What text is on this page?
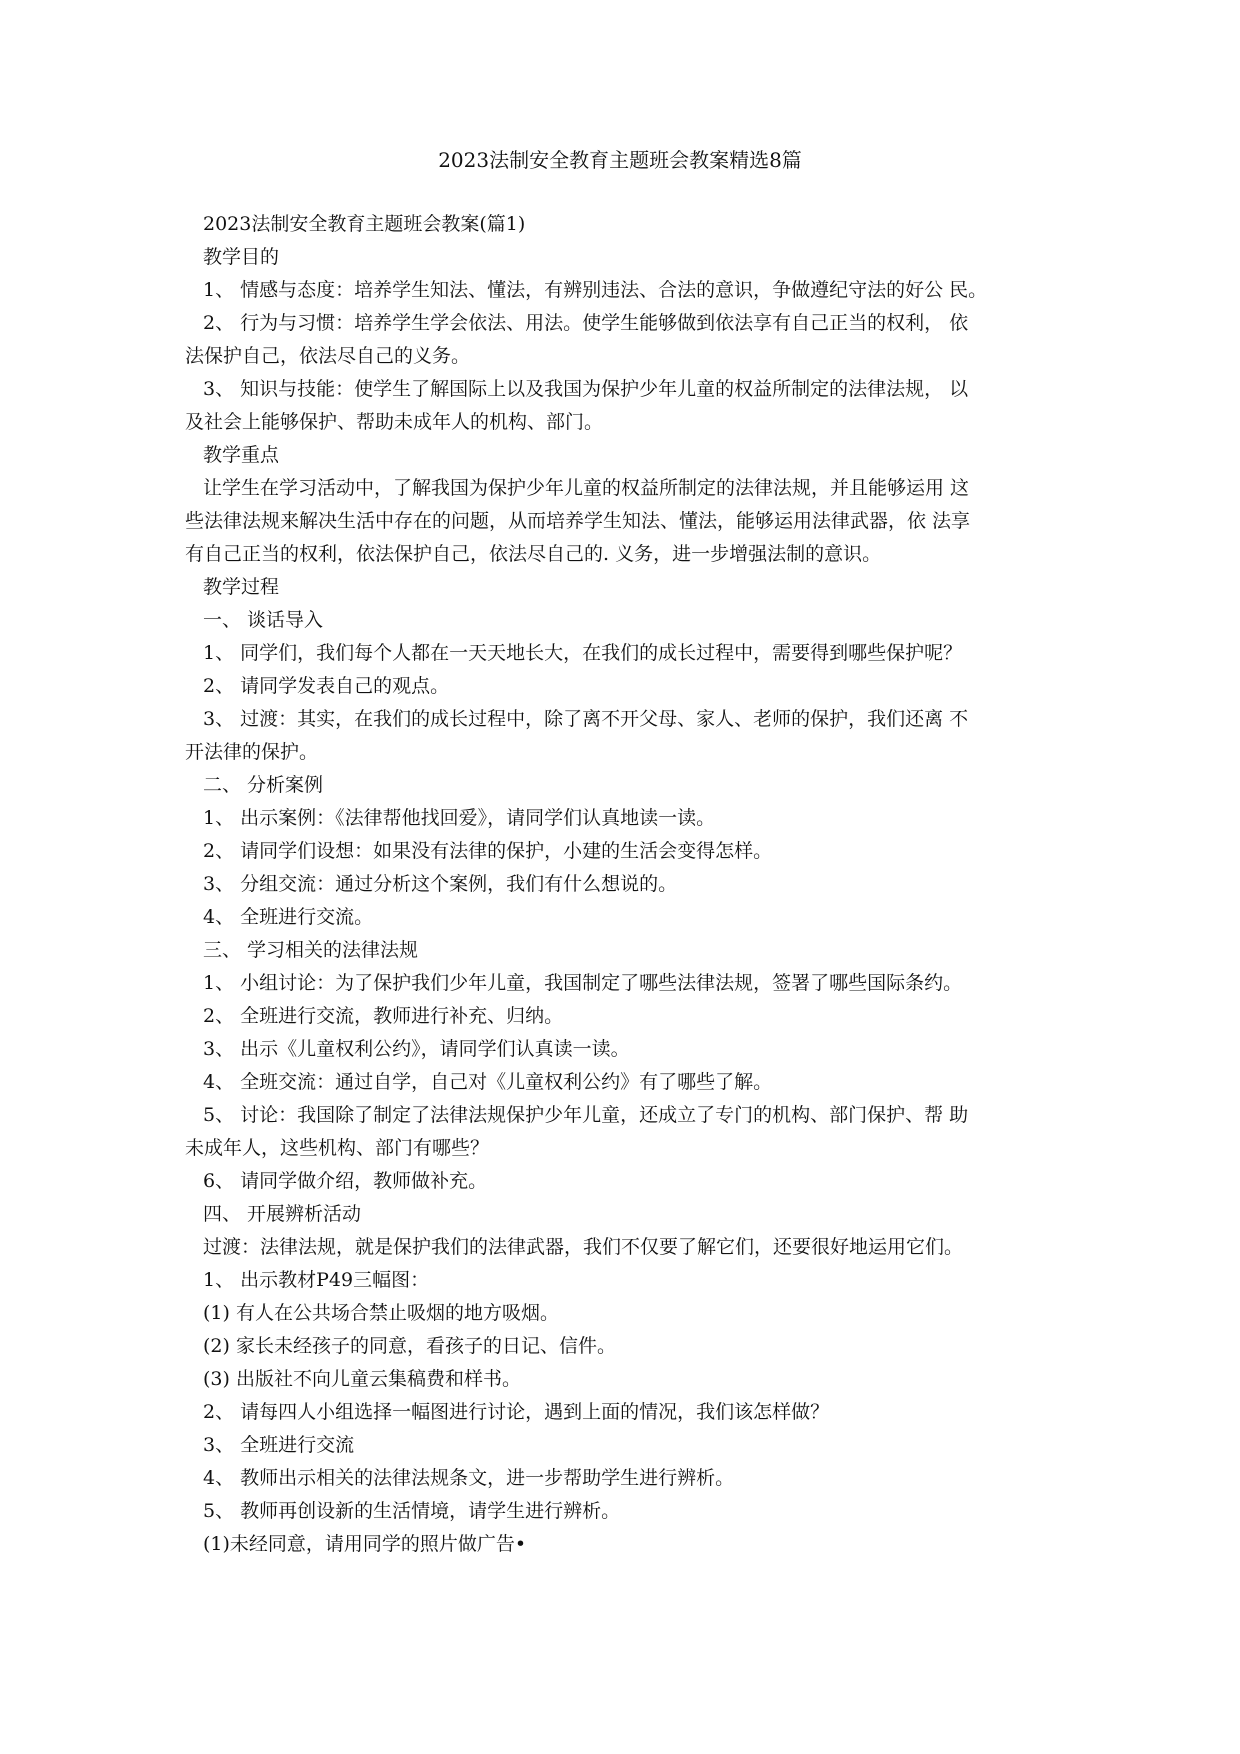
2023法制安全教育主题班会教案精选8篇
2023法制安全教育主题班会教案(篇1)
教学目的
1、 情感与态度：培养学生知法、懂法，有辨别违法、合法的意识，争做遵纪守法的好公 民。
2、 行为与习惯：培养学生学会依法、用法。使学生能够做到依法享有自己正当的权利， 依
法保护自己，依法尽自己的义务。
3、 知识与技能：使学生了解国际上以及我国为保护少年儿童的权益所制定的法律法规， 以
及社会上能够保护、帮助未成年人的机构、部门。
教学重点
让学生在学习活动中，了解我国为保护少年儿童的权益所制定的法律法规，并且能够运用 这
些法律法规来解决生活中存在的问题，从而培养学生知法、懂法，能够运用法律武器，依 法享
有自己正当的权利，依法保护自己，依法尽自己的. 义务，进一步增强法制的意识。
教学过程
一、 谈话导入
1、 同学们，我们每个人都在一天天地长大，在我们的成长过程中，需要得到哪些保护呢？
2、 请同学发表自己的观点。
3、 过渡：其实，在我们的成长过程中，除了离不开父母、家人、老师的保护，我们还离 不
开法律的保护。
二、 分析案例
1、 出示案例：《法律帮他找回爱》，请同学们认真地读一读。
2、 请同学们设想：如果没有法律的保护，小建的生活会变得怎样。
3、 分组交流：通过分析这个案例，我们有什么想说的。
4、 全班进行交流。
三、 学习相关的法律法规
1、 小组讨论：为了保护我们少年儿童，我国制定了哪些法律法规，签署了哪些国际条约。
2、 全班进行交流，教师进行补充、归纳。
3、 出示《儿童权利公约》，请同学们认真读一读。
4、 全班交流：通过自学，自己对《儿童权利公约》有了哪些了解。
5、 讨论：我国除了制定了法律法规保护少年儿童，还成立了专门的机构、部门保护、帮 助
未成年人，这些机构、部门有哪些？
6、 请同学做介绍，教师做补充。
四、 开展辨析活动
过渡：法律法规，就是保护我们的法律武器，我们不仅要了解它们，还要很好地运用它们。
1、 出示教材P49三幅图：
(1) 有人在公共场合禁止吸烟的地方吸烟。
(2) 家长未经孩子的同意，看孩子的日记、信件。
(3) 出版社不向儿童云集稿费和样书。
2、 请每四人小组选择一幅图进行讨论，遇到上面的情况，我们该怎样做？
3、 全班进行交流
4、 教师出示相关的法律法规条文，进一步帮助学生进行辨析。
5、 教师再创设新的生活情境，请学生进行辨析。
(1)未经同意，请用同学的照片做广告•
